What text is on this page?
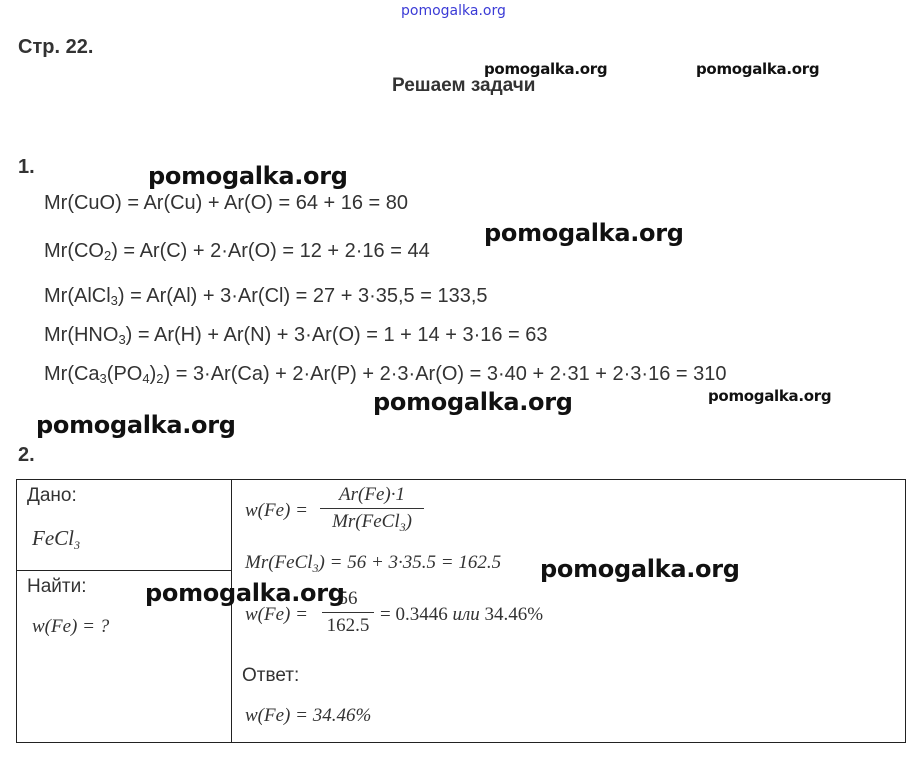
pomogalka.org
pomogalka.org	pomogalka.org
Стр. 22.
Решаем задачи
1.	pomogalka.org
Mr(CuO) = Ar(Cu) + Ar(O) = 64 + 16 = 80
$Mr(CO_2) = Ar(C) + 2\cdot Ar(O) = 12 + 2\cdot 16 = 44$
pomogalka.org
Mr(AlCl$_3$) = Ar(Al) + 3·Ar(Cl) = 27 + 3·35,5 = 133,5
$Mr(HNO_3) = Ar(H) + Ar(N) + 3\cdot Ar(O) = 1 + 14 + 3\cdot 16 = 63$
$Mr(Ca_3(PO_4)_2) = 3\cdot Ar(Ca) + 2\cdot Ar(P) + 2\cdot 3\cdot Ar(O) = 3\cdot 40 + 2\cdot 31 + 2\cdot 3\cdot 16 = 310$
pomogalka.org	pomogalka.org
pomogalka.org
2.
Дано:
FeCl$_3$
Найти:
w(Fe) = ?
w(Fe) =
Ar(Fe)·1
Mr(FeCl$_3$)
Mr(FeCl$_3$) = 56 + 3·35.5 = 162.5 pomogalka.org
w(Fe) =
56
162.5
= 0.3446 или 34.46%
pomogalka.org
Ответ:
w(Fe) = 34.46%
